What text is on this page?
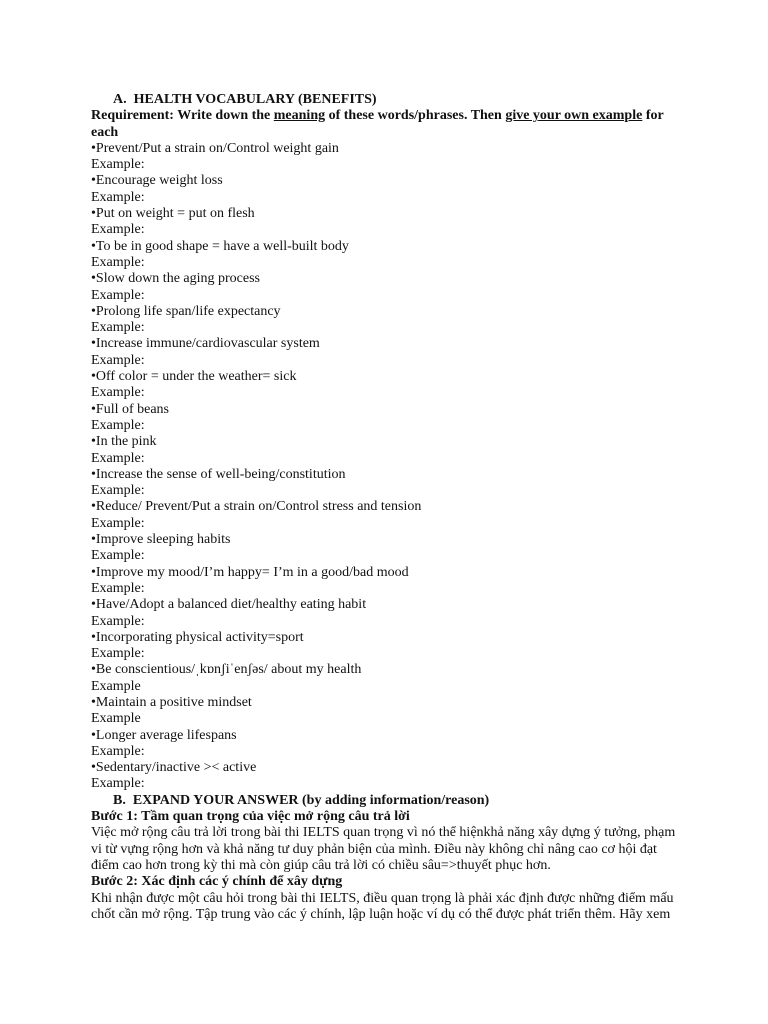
A.  HEALTH VOCABULARY (BENEFITS)
Requirement: Write down the meaning of these words/phrases. Then give your own example for each
•Prevent/Put a strain on/Control weight gain
Example:
•Encourage weight loss
Example:
•Put on weight = put on flesh
Example:
•To be in good shape = have a well-built body
Example:
•Slow down the aging process
Example:
•Prolong life span/life expectancy
Example:
•Increase immune/cardiovascular system
Example:
•Off color = under the weather= sick
Example:
•Full of beans
Example:
•In the pink
Example:
•Increase the sense of well-being/constitution
Example:
•Reduce/ Prevent/Put a strain on/Control stress and tension
Example:
•Improve sleeping habits
Example:
•Improve my mood/I’m happy= I’m in a good/bad mood
Example:
•Have/Adopt a balanced diet/healthy eating habit
Example:
•Incorporating physical activity=sport
Example:
•Be conscientious/ˌkɒnʃiˈenʃəs/ about my health
Example
•Maintain a positive mindset
Example
•Longer average lifespans
Example:
•Sedentary/inactive >< active
Example:
B.  EXPAND YOUR ANSWER (by adding information/reason)
Bước 1: Tầm quan trọng của việc mở rộng câu trả lời
Việc mở rộng câu trả lời trong bài thi IELTS quan trọng vì nó thể hiệnkhả năng xây dựng ý tưởng, phạm vi từ vựng rộng hơn và khả năng tư duy phản biện của mình. Điều này không chỉ nâng cao cơ hội đạt điểm cao hơn trong kỳ thi mà còn giúp câu trả lời có chiều sâu=>thuyết phục hơn.
Bước 2: Xác định các ý chính để xây dựng
Khi nhận được một câu hỏi trong bài thi IELTS, điều quan trọng là phải xác định được những điểm mấu chốt cần mở rộng. Tập trung vào các ý chính, lập luận hoặc ví dụ có thể được phát triển thêm. Hãy xem
